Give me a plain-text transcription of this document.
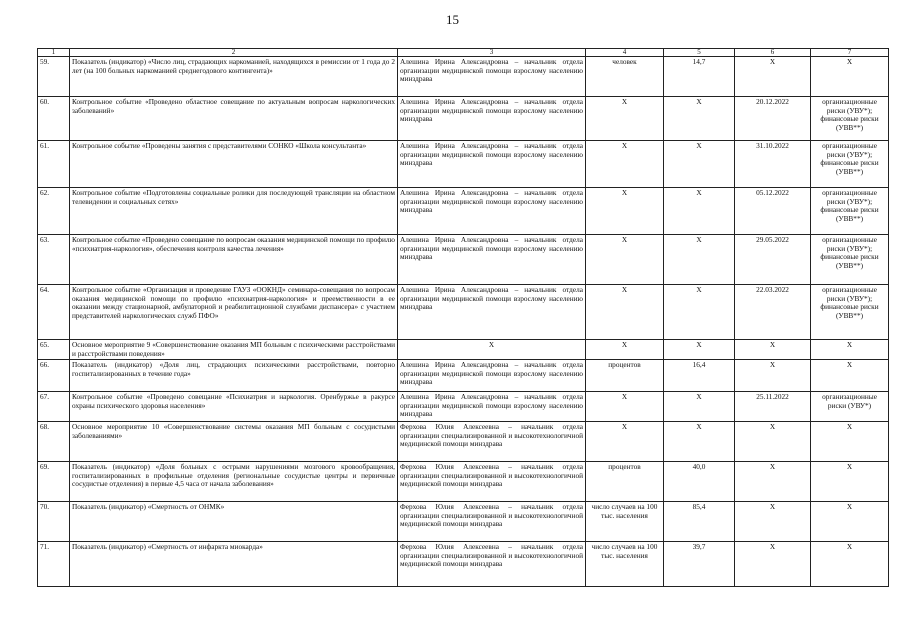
15
1	2	3	4	5	6	7
59.	Показатель (индикатор) «Число лиц, страдающих наркоманией, находящихся в ремиссии от 1 года до 2 лет (на 100 больных наркоманией среднегодового контингента)»	Алешина Ирина Александровна – начальник отдела организации медицинской помощи взрослому населению минздрава	человек	14,7	X	X
60.	Контрольное событие «Проведено областное совещание по актуальным вопросам наркологических заболеваний»	Алешина Ирина Александровна – начальник отдела организации медицинской помощи взрослому населению минздрава	X	X	20.12.2022	организационные риски (УВУ*); финансовые риски (УВВ**)
61.	Контрольное событие «Проведены занятия с представителями СОНКО «Школа консультанта»	Алешина Ирина Александровна – начальник отдела организации медицинской помощи взрослому населению минздрава	X	X	31.10.2022	организационные риски (УВУ*); финансовые риски (УВВ**)
62.	Контрольное событие «Подготовлены социальные ролики для последующей трансляции на областном телевидении и социальных сетях»	Алешина Ирина Александровна – начальник отдела организации медицинской помощи взрослому населению минздрава	X	X	05.12.2022	организационные риски (УВУ*); финансовые риски (УВВ**)
63.	Контрольное событие «Проведено совещание по вопросам оказания медицинской помощи по профилю «психиатрия-наркология», обеспечения контроля качества лечения»	Алешина Ирина Александровна – начальник отдела организации медицинской помощи взрослому населению минздрава	X	X	29.05.2022	организационные риски (УВУ*); финансовые риски (УВВ**)
64.	Контрольное событие «Организация и проведение ГАУЗ «ООКНД» семинара-совещания по вопросам оказания медицинской помощи по профилю «психиатрия-наркология» и преемственности в ее оказании между стационарной, амбулаторной и реабилитационной службами диспансера» с участием представителей наркологических служб ПФО»	Алешина Ирина Александровна – начальник отдела организации медицинской помощи взрослому населению минздрава	X	X	22.03.2022	организационные риски (УВУ*); финансовые риски (УВВ**)
65.	Основное мероприятие 9 «Совершенствование оказания МП больным с психическими расстройствами и расстройствами поведения»	X	X	X	X	X
66.	Показатель (индикатор) «Доля лиц, страдающих психическими расстройствами, повторно госпитализированных в течение года»	Алешина Ирина Александровна – начальник отдела организации медицинской помощи взрослому населению минздрава	процентов	16,4	X	X
67.	Контрольное событие «Проведено совещание «Психиатрия и наркология. Оренбуржье в ракурсе охраны психического здоровья населения»	Алешина Ирина Александровна – начальник отдела организации медицинской помощи взрослому населению минздрава	X	X	25.11.2022	организационные риски (УВУ*)
68.	Основное мероприятие 10 «Совершенствование системы оказания МП больным с сосудистыми заболеваниями»	Ферхова Юлия Алексеевна – начальник отдела организации специализированной и высокотехнологичной медицинской помощи минздрава	X	X	X	X
69.	Показатель (индикатор) «Доля больных с острыми нарушениями мозгового кровообращения, госпитализированных в профильные отделения (региональные сосудистые центры и первичные сосудистые отделения) в первые 4,5 часа от начала заболевания»	Ферхова Юлия Алексеевна – начальник отдела организации специализированной и высокотехнологичной медицинской помощи минздрава	процентов	40,0	X	X
70.	Показатель (индикатор) «Смертность от ОНМК»	Ферхова Юлия Алексеевна – начальник отдела организации специализированной и высокотехнологичной медицинской помощи минздрава	число случаев на 100 тыс. населения	85,4	X	X
71.	Показатель (индикатор) «Смертность от инфаркта миокарда»	Ферхова Юлия Алексеевна – начальник отдела организации специализированной и высокотехнологичной медицинской помощи минздрава	число случаев на 100 тыс. населения	39,7	X	X
